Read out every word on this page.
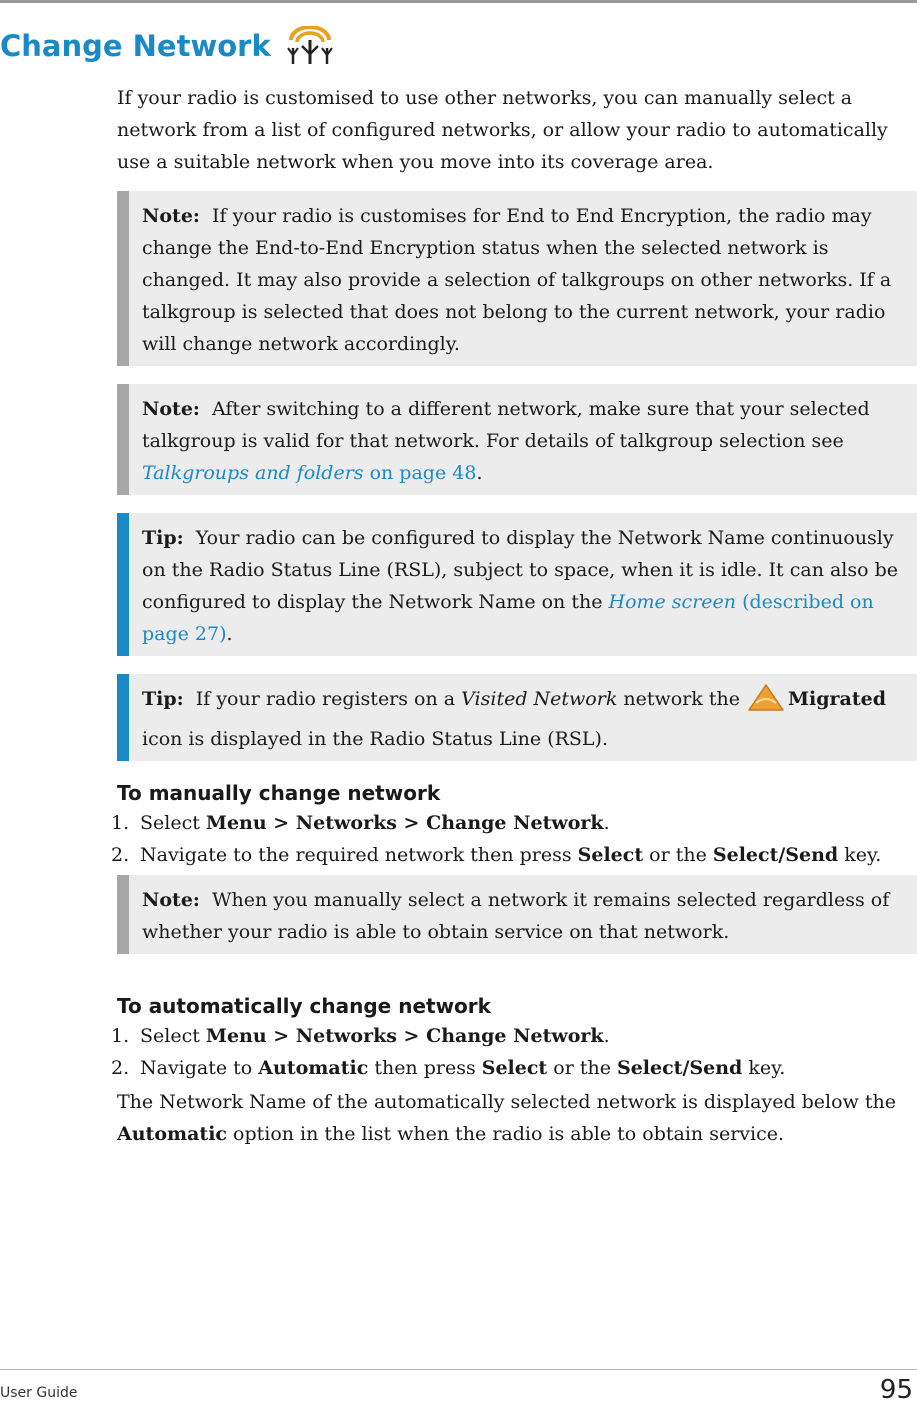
Change Network

If your radio is customised to use other networks, you can manually select a network from a list of configured networks, or allow your radio to automatically use a suitable network when you move into its coverage area.

Note: If your radio is customises for End to End Encryption, the radio may change the End-to-End Encryption status when the selected network is changed. It may also provide a selection of talkgroups on other networks. If a talkgroup is selected that does not belong to the current network, your radio will change network accordingly.

Note: After switching to a different network, make sure that your selected talkgroup is valid for that network. For details of talkgroup selection see Talkgroups and folders on page 48.

Tip: Your radio can be configured to display the Network Name continuously on the Radio Status Line (RSL), subject to space, when it is idle. It can also be configured to display the Network Name on the Home screen (described on page 27).

Tip: If your radio registers on a Visited Network network the	Migrated icon is displayed in the Radio Status Line (RSL).

To manually change network
1. Select Menu > Networks > Change Network.
2. Navigate to the required network then press Select or the Select/Send key.

Note: When you manually select a network it remains selected regardless of whether your radio is able to obtain service on that network.

To automatically change network
1. Select Menu > Networks > Change Network.
2. Navigate to Automatic then press Select or the Select/Send key.

The Network Name of the automatically selected network is displayed below the Automatic option in the list when the radio is able to obtain service.

User Guide	95
